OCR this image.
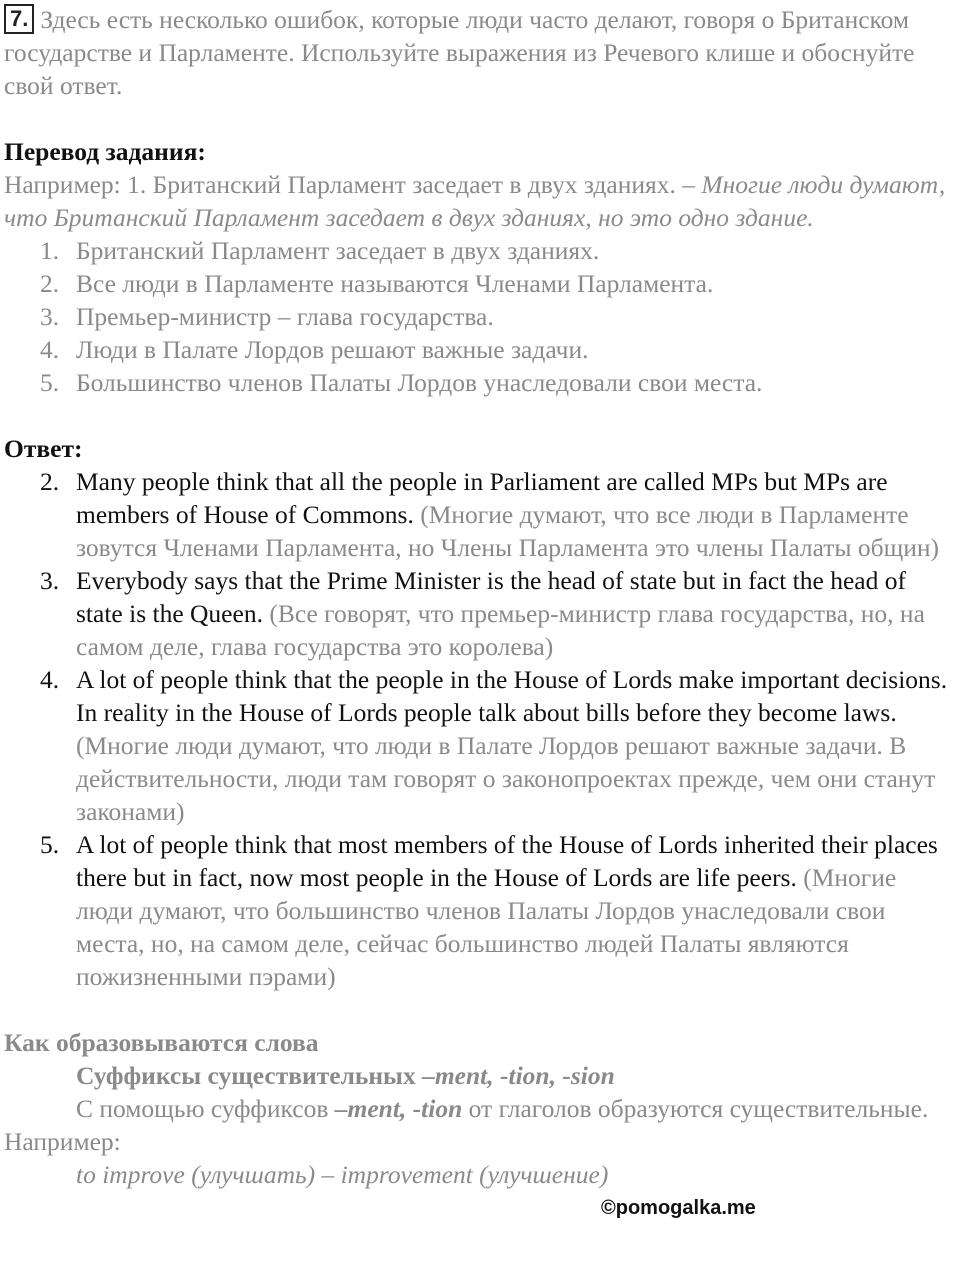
7. Здесь есть несколько ошибок, которые люди часто делают, говоря о Британском государстве и Парламенте. Используйте выражения из Речевого клише и обоснуйте свой ответ.

Перевод задания:

Например: 1. Британский Парламент заседает в двух зданиях. – Многие люди думают, что Британский Парламент заседает в двух зданиях, но это одно здание.

1. Британский Парламент заседает в двух зданиях.
2. Все люди в Парламенте называются Членами Парламента.
3. Премьер-министр – глава государства.
4. Люди в Палате Лордов решают важные задачи.
5. Большинство членов Палаты Лордов унаследовали свои места.

Ответ:

2. Many people think that all the people in Parliament are called MPs but MPs are members of House of Commons. (Многие думают, что все люди в Парламенте зовутся Членами Парламента, но Члены Парламента это члены Палаты общин)
3. Everybody says that the Prime Minister is the head of state but in fact the head of state is the Queen. (Все говорят, что премьер-министр глава государства, но, на самом деле, глава государства это королева)
4. A lot of people think that the people in the House of Lords make important decisions. In reality in the House of Lords people talk about bills before they become laws. (Многие люди думают, что люди в Палате Лордов решают важные задачи. В действительности, люди там говорят о законопроектах прежде, чем они станут законами)
5. A lot of people think that most members of the House of Lords inherited their places there but in fact, now most people in the House of Lords are life peers. (Многие люди думают, что большинство членов Палаты Лордов унаследовали свои места, но, на самом деле, сейчас большинство людей Палаты являются пожизненными пэрами)

Как образовываются слова

Суффиксы существительных –ment, -tion, -sion

С помощью суффиксов –ment, -tion от глаголов образуются существительные. Например:

to improve (улучшать) – improvement (улучшение)

©pomogalka.me
